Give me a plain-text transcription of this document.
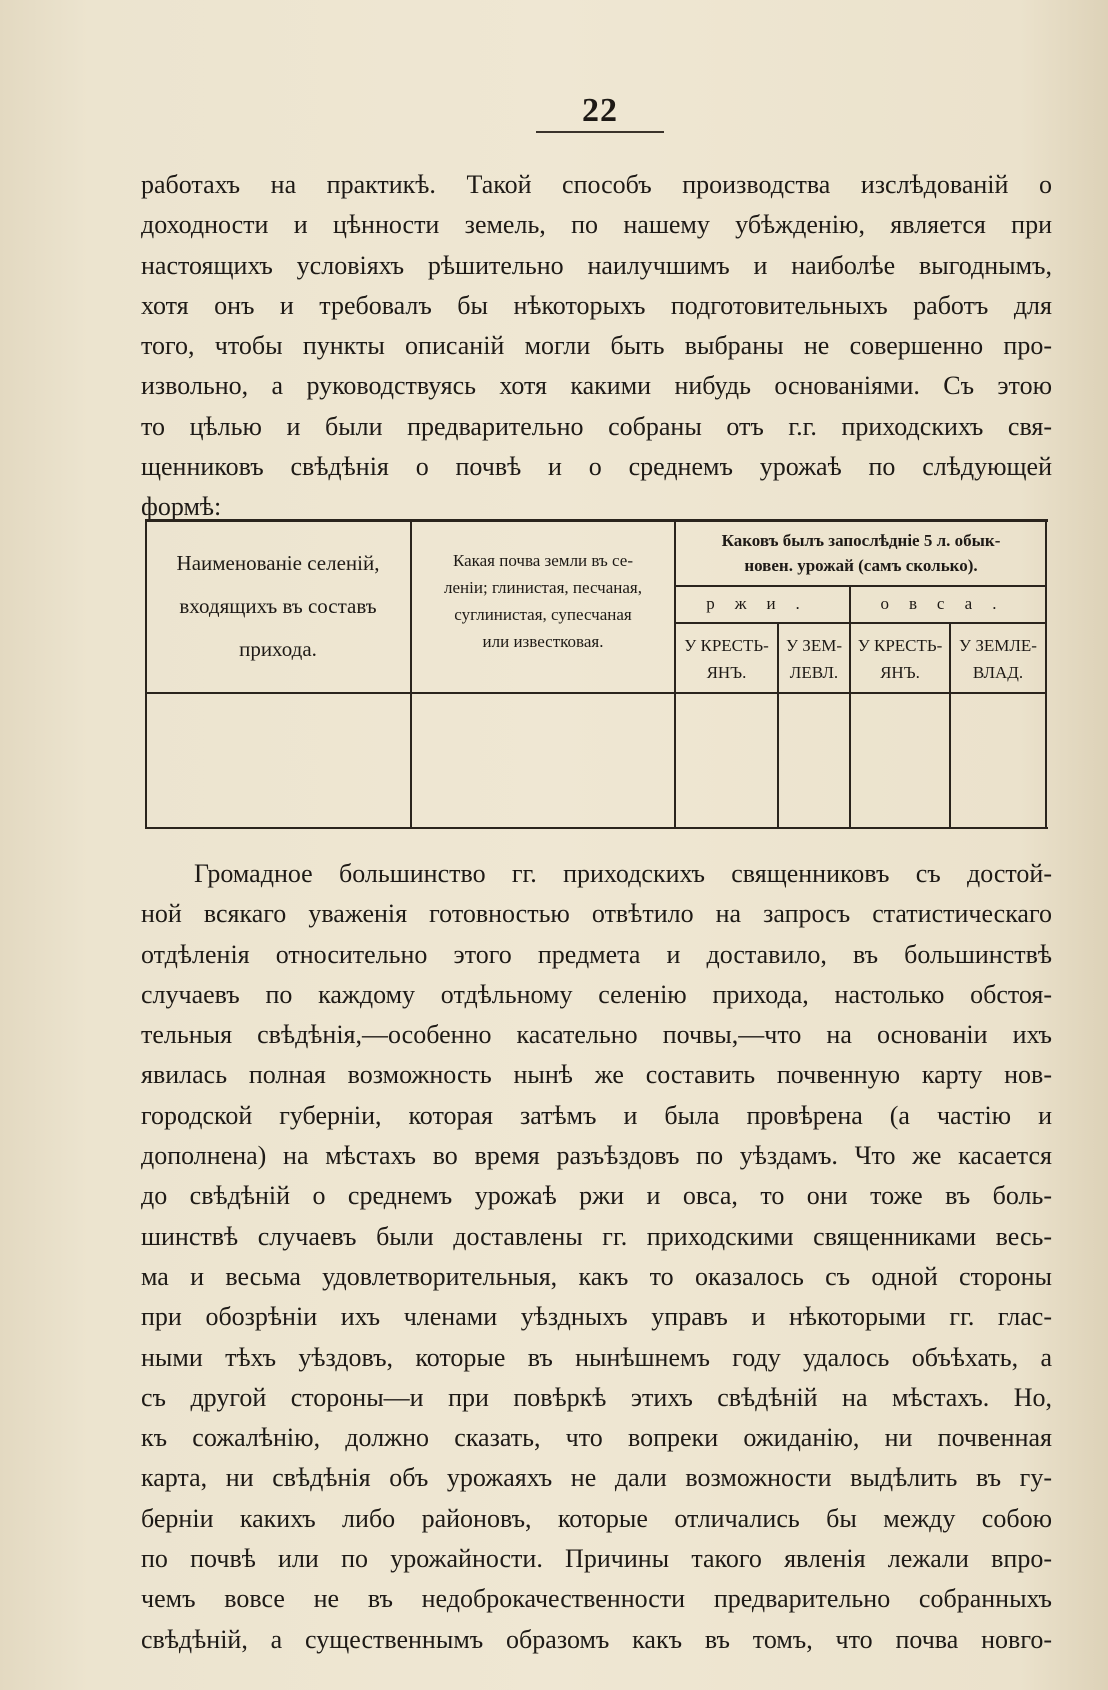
22
работахъ на практикѣ. Такой способъ производства изслѣдованій о
доходности и цѣнности земель, по нашему убѣжденію, является при
настоящихъ условіяхъ рѣшительно наилучшимъ и наиболѣе выгоднымъ,
хотя онъ и требовалъ бы нѣкоторыхъ подготовительныхъ работъ для
того, чтобы пункты описаній могли быть выбраны не совершенно про-
извольно, а руководствуясь хотя какими нибудь основаніями. Съ этою
то цѣлью и были предварительно собраны отъ г.г. приходскихъ свя-
щенниковъ свѣдѣнія о почвѣ и о среднемъ урожаѣ по слѣдующей
формѣ:
Наименованіе селеній,
входящихъ въ составъ
прихода.
Какая почва земли въ се-
леніи; глинистая, песчаная,
суглинистая, супесчаная
или известковая.
Каковъ былъ запослѣдніе 5 л. обык-
новен. урожай (самъ сколько).
ржи.	овса.
У КРЕСТЬ-
ЯНЪ.
У ЗЕМ-
ЛЕВЛ.
У КРЕСТЬ-
ЯНЪ.
У ЗЕМЛЕ-
ВЛАД.
Громадное большинство гг. приходскихъ священниковъ съ достой-
ной всякаго уваженія готовностью отвѣтило на запросъ статистическаго
отдѣленія относительно этого предмета и доставило, въ большинствѣ
случаевъ по каждому отдѣльному селенію прихода, настолько обстоя-
тельныя свѣдѣнія,—особенно касательно почвы,—что на основаніи ихъ
явилась полная возможность нынѣ же составить почвенную карту нов-
городской губерніи, которая затѣмъ и была провѣрена (а частію и
дополнена) на мѣстахъ во время разъѣздовъ по уѣздамъ. Что же касается
до свѣдѣній о среднемъ урожаѣ ржи и овса, то они тоже въ боль-
шинствѣ случаевъ были доставлены гг. приходскими священниками весь-
ма и весьма удовлетворительныя, какъ то оказалось съ одной стороны
при обозрѣніи ихъ членами уѣздныхъ управъ и нѣкоторыми гг. глас-
ными тѣхъ уѣздовъ, которые въ нынѣшнемъ году удалось объѣхать, а
съ другой стороны—и при повѣркѣ этихъ свѣдѣній на мѣстахъ. Но,
къ сожалѣнію, должно сказать, что вопреки ожиданію, ни почвенная
карта, ни свѣдѣнія объ урожаяхъ не дали возможности выдѣлить въ гу-
берніи какихъ либо районовъ, которые отличались бы между собою
по почвѣ или по урожайности. Причины такого явленія лежали впро-
чемъ вовсе не въ недоброкачественности предварительно собранныхъ
свѣдѣній, а существеннымъ образомъ какъ въ томъ, что почва новго-
